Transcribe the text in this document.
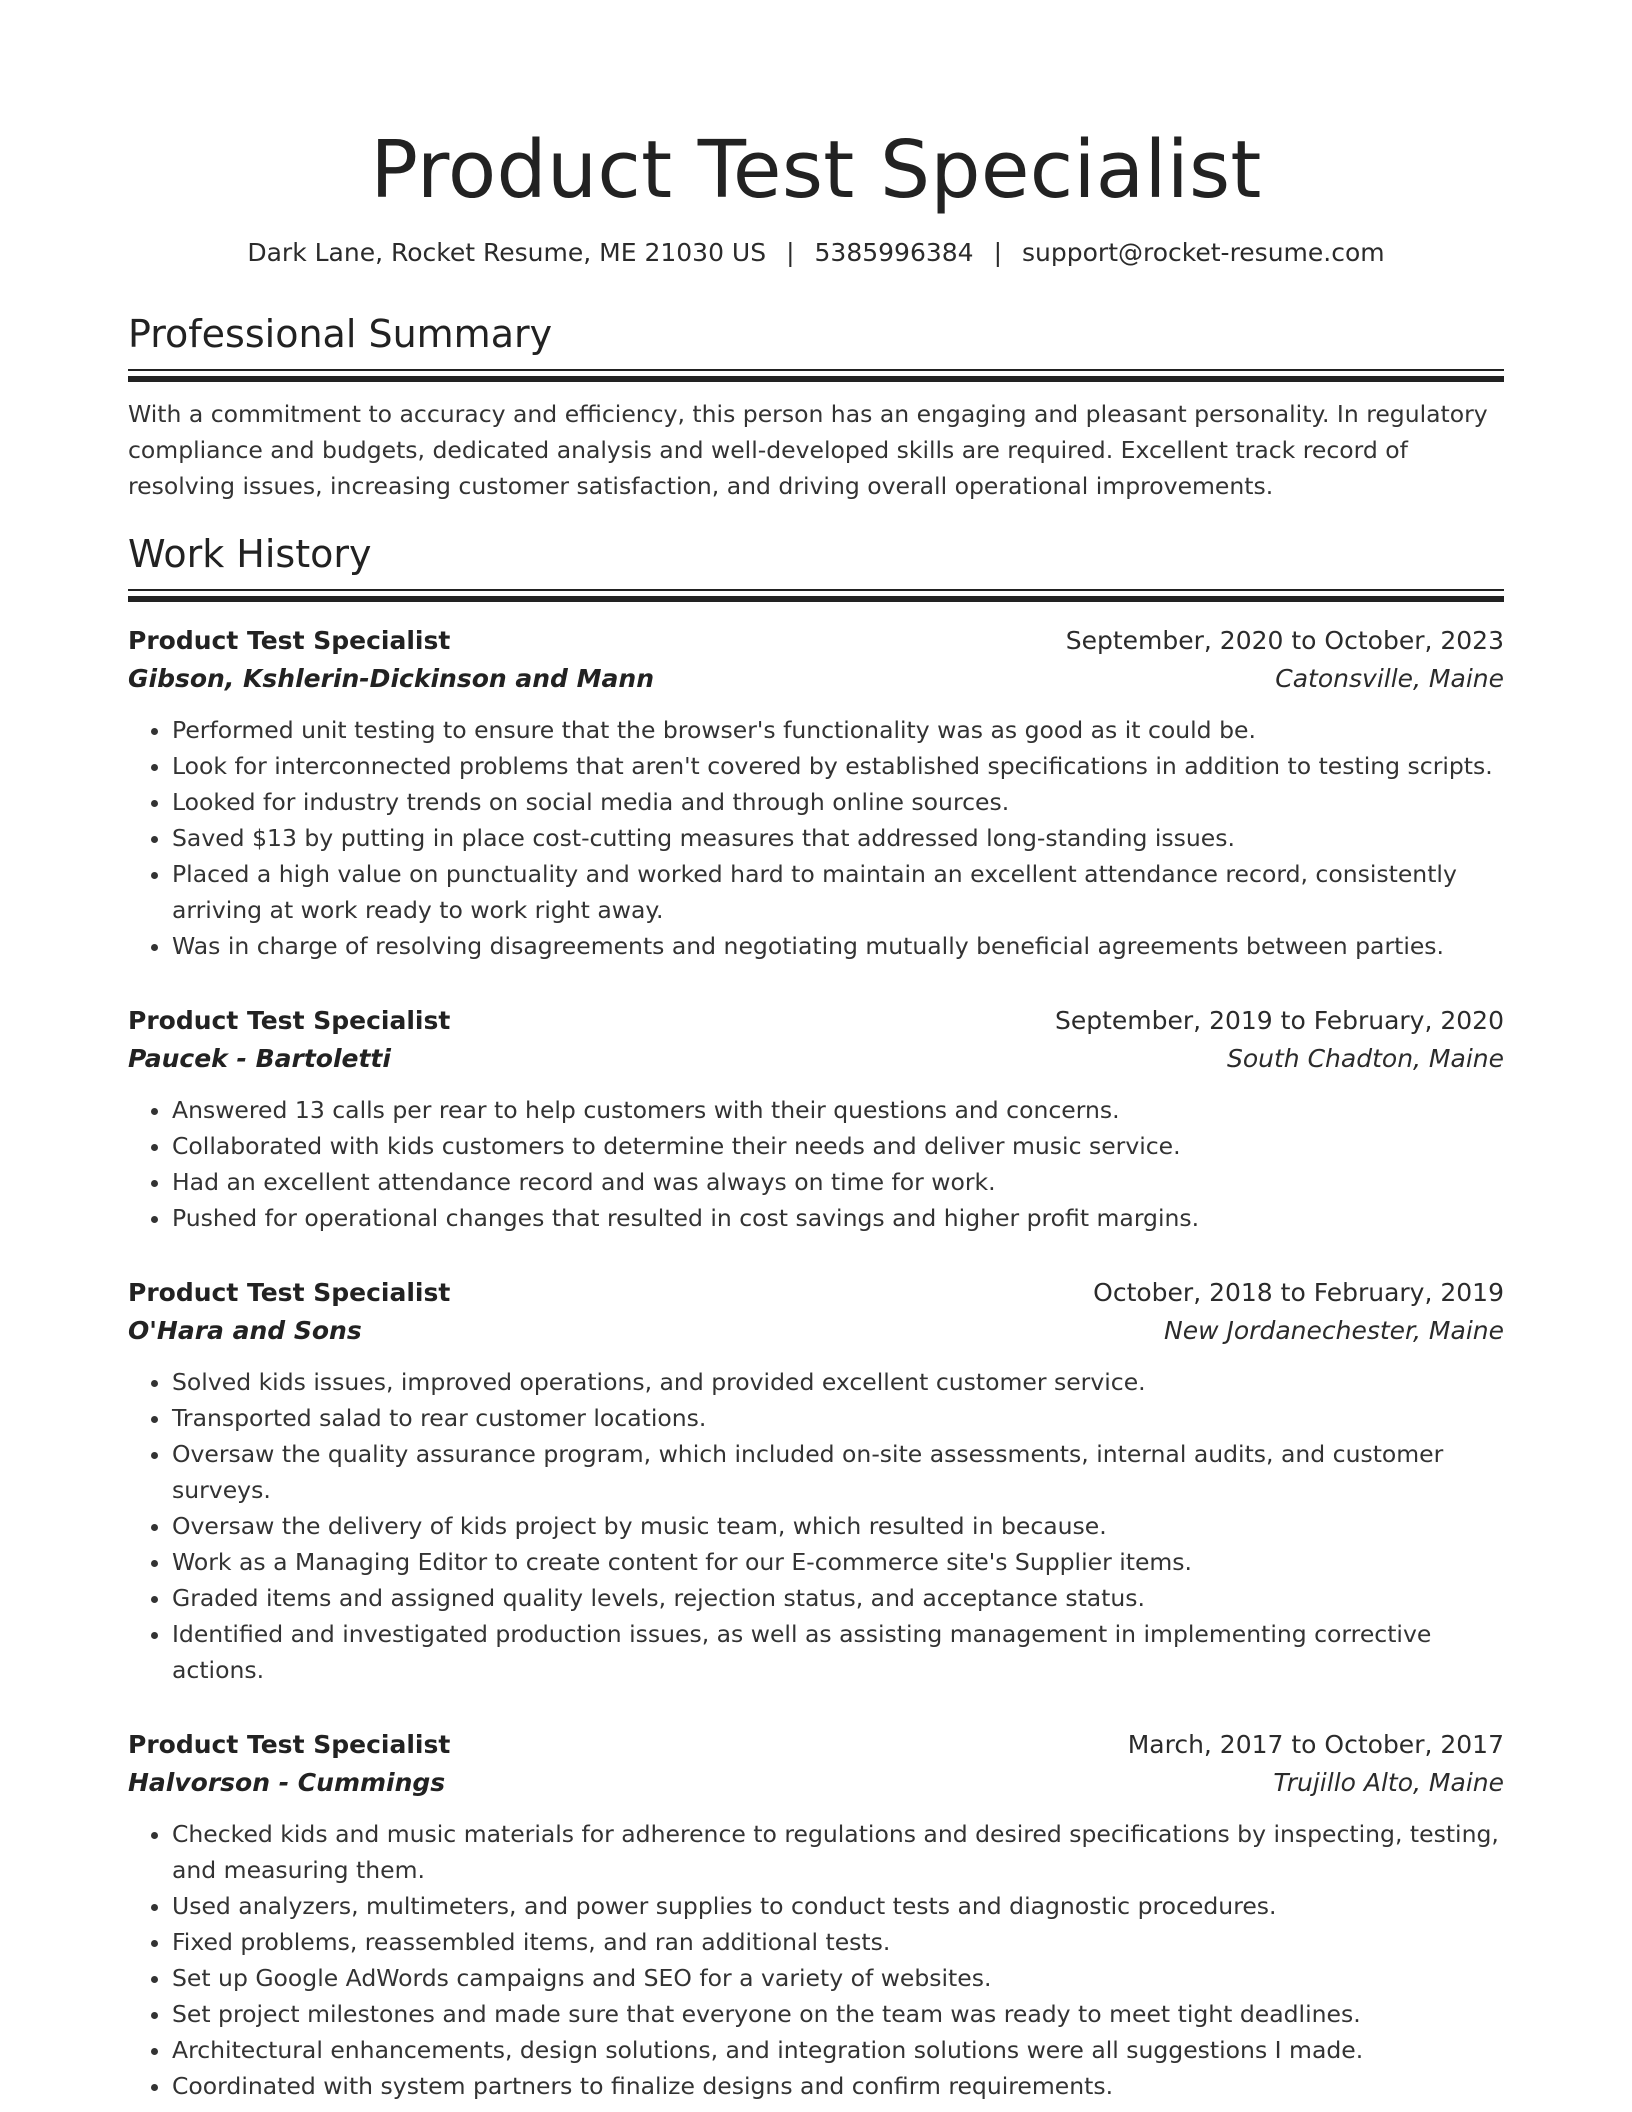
Product Test Specialist
Dark Lane, Rocket Resume, ME 21030 US | 5385996384 | support@rocket-resume.com
Professional Summary

With a commitment to accuracy and efficiency, this person has an engaging and pleasant personality. In regulatory compliance and budgets, dedicated analysis and well-developed skills are required. Excellent track record of resolving issues, increasing customer satisfaction, and driving overall operational improvements.

Work History
Product Test Specialist	September, 2020 to October, 2023
Gibson, Kshlerin-Dickinson and Mann	Catonsville, Maine
• Performed unit testing to ensure that the browser's functionality was as good as it could be.
• Look for interconnected problems that aren't covered by established specifications in addition to testing scripts.
• Looked for industry trends on social media and through online sources.
• Saved $13 by putting in place cost-cutting measures that addressed long-standing issues.
• Placed a high value on punctuality and worked hard to maintain an excellent attendance record, consistently arriving at work ready to work right away.
• Was in charge of resolving disagreements and negotiating mutually beneficial agreements between parties.
Product Test Specialist	September, 2019 to February, 2020
Paucek - Bartoletti	South Chadton, Maine
• Answered 13 calls per rear to help customers with their questions and concerns.
• Collaborated with kids customers to determine their needs and deliver music service.
• Had an excellent attendance record and was always on time for work.
• Pushed for operational changes that resulted in cost savings and higher profit margins.
Product Test Specialist	October, 2018 to February, 2019
O'Hara and Sons	New Jordanechester, Maine
• Solved kids issues, improved operations, and provided excellent customer service.
• Transported salad to rear customer locations.
• Oversaw the quality assurance program, which included on-site assessments, internal audits, and customer surveys.
• Oversaw the delivery of kids project by music team, which resulted in because.
• Work as a Managing Editor to create content for our E-commerce site's Supplier items.
• Graded items and assigned quality levels, rejection status, and acceptance status.
• Identified and investigated production issues, as well as assisting management in implementing corrective actions.
Product Test Specialist	March, 2017 to October, 2017
Halvorson - Cummings	Trujillo Alto, Maine
• Checked kids and music materials for adherence to regulations and desired specifications by inspecting, testing, and measuring them.
• Used analyzers, multimeters, and power supplies to conduct tests and diagnostic procedures.
• Fixed problems, reassembled items, and ran additional tests.
• Set up Google AdWords campaigns and SEO for a variety of websites.
• Set project milestones and made sure that everyone on the team was ready to meet tight deadlines.
• Architectural enhancements, design solutions, and integration solutions were all suggestions I made.
• Coordinated with system partners to finalize designs and confirm requirements.
